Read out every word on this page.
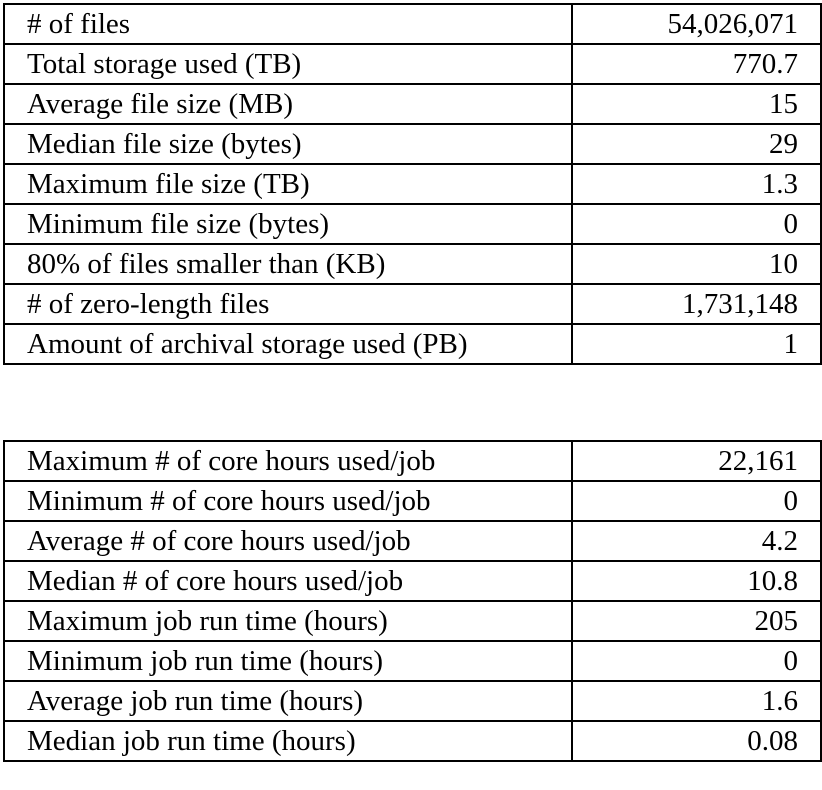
# of files	54,026,071
Total storage used (TB)	770.7
Average file size (MB)	15
Median file size (bytes)	29
Maximum file size (TB)	1.3
Minimum file size (bytes)	0
80% of files smaller than (KB)	10
# of zero-length files	1,731,148
Amount of archival storage used (PB)	1
Maximum # of core hours used/job	22,161
Minimum # of core hours used/job	0
Average # of core hours used/job	4.2
Median # of core hours used/job	10.8
Maximum job run time (hours)	205
Minimum job run time (hours)	0
Average job run time (hours)	1.6
Median job run time (hours)	0.08
